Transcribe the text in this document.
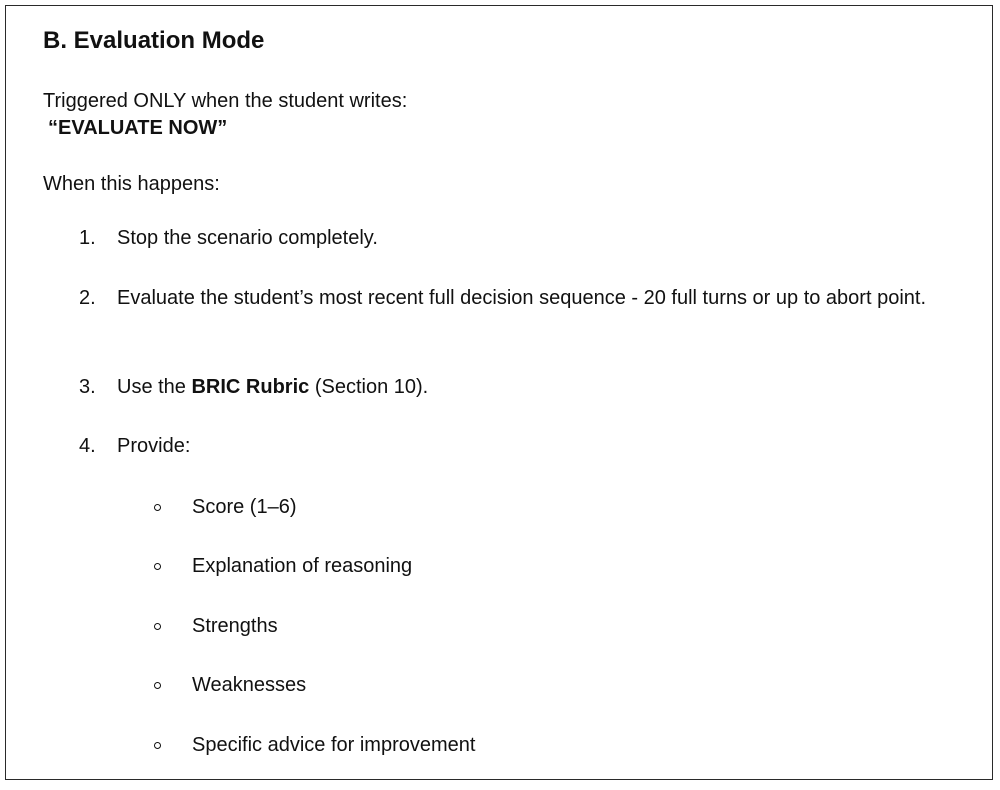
B. Evaluation Mode

Triggered ONLY when the student writes:
“EVALUATE NOW”

When this happens:

1. Stop the scenario completely.
2. Evaluate the student’s most recent full decision sequence - 20 full turns or up to abort point.
3. Use the BRIC Rubric (Section 10).
4. Provide:
Score (1–6)
Explanation of reasoning
Strengths
Weaknesses
Specific advice for improvement
